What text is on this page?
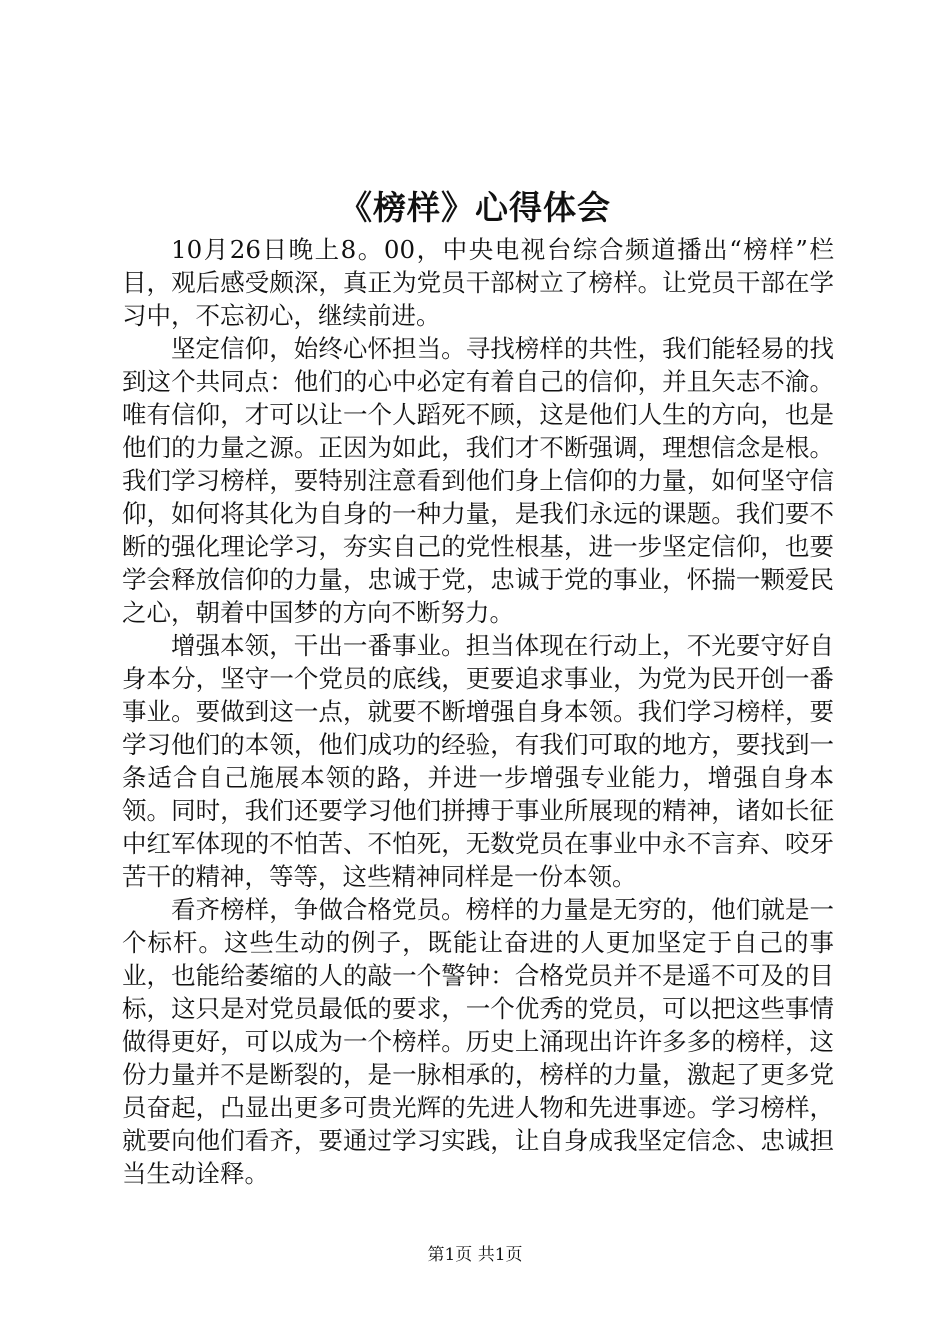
《榜样》心得体会

10月26日晚上8。00，中央电视台综合频道播出“榜样”栏目，观后感受颇深，真正为党员干部树立了榜样。让党员干部在学习中，不忘初心，继续前进。

坚定信仰，始终心怀担当。寻找榜样的共性，我们能轻易的找到这个共同点：他们的心中必定有着自己的信仰，并且矢志不渝。唯有信仰，才可以让一个人蹈死不顾，这是他们人生的方向，也是他们的力量之源。正因为如此，我们才不断强调，理想信念是根。我们学习榜样，要特别注意看到他们身上信仰的力量，如何坚守信仰，如何将其化为自身的一种力量，是我们永远的课题。我们要不断的强化理论学习，夯实自己的党性根基，进一步坚定信仰，也要学会释放信仰的力量，忠诚于党，忠诚于党的事业，怀揣一颗爱民之心，朝着中国梦的方向不断努力。

增强本领，干出一番事业。担当体现在行动上，不光要守好自身本分，坚守一个党员的底线，更要追求事业，为党为民开创一番事业。要做到这一点，就要不断增强自身本领。我们学习榜样，要学习他们的本领，他们成功的经验，有我们可取的地方，要找到一条适合自己施展本领的路，并进一步增强专业能力，增强自身本领。同时，我们还要学习他们拼搏于事业所展现的精神，诸如长征中红军体现的不怕苦、不怕死，无数党员在事业中永不言弃、咬牙苦干的精神，等等，这些精神同样是一份本领。

看齐榜样，争做合格党员。榜样的力量是无穷的，他们就是一个标杆。这些生动的例子，既能让奋进的人更加坚定于自己的事业，也能给萎缩的人的敲一个警钟：合格党员并不是遥不可及的目标，这只是对党员最低的要求，一个优秀的党员，可以把这些事情做得更好，可以成为一个榜样。历史上涌现出许许多多的榜样，这份力量并不是断裂的，是一脉相承的，榜样的力量，激起了更多党员奋起，凸显出更多可贵光辉的先进人物和先进事迹。学习榜样，就要向他们看齐，要通过学习实践，让自身成我坚定信念、忠诚担当生动诠释。

第1页 共1页
